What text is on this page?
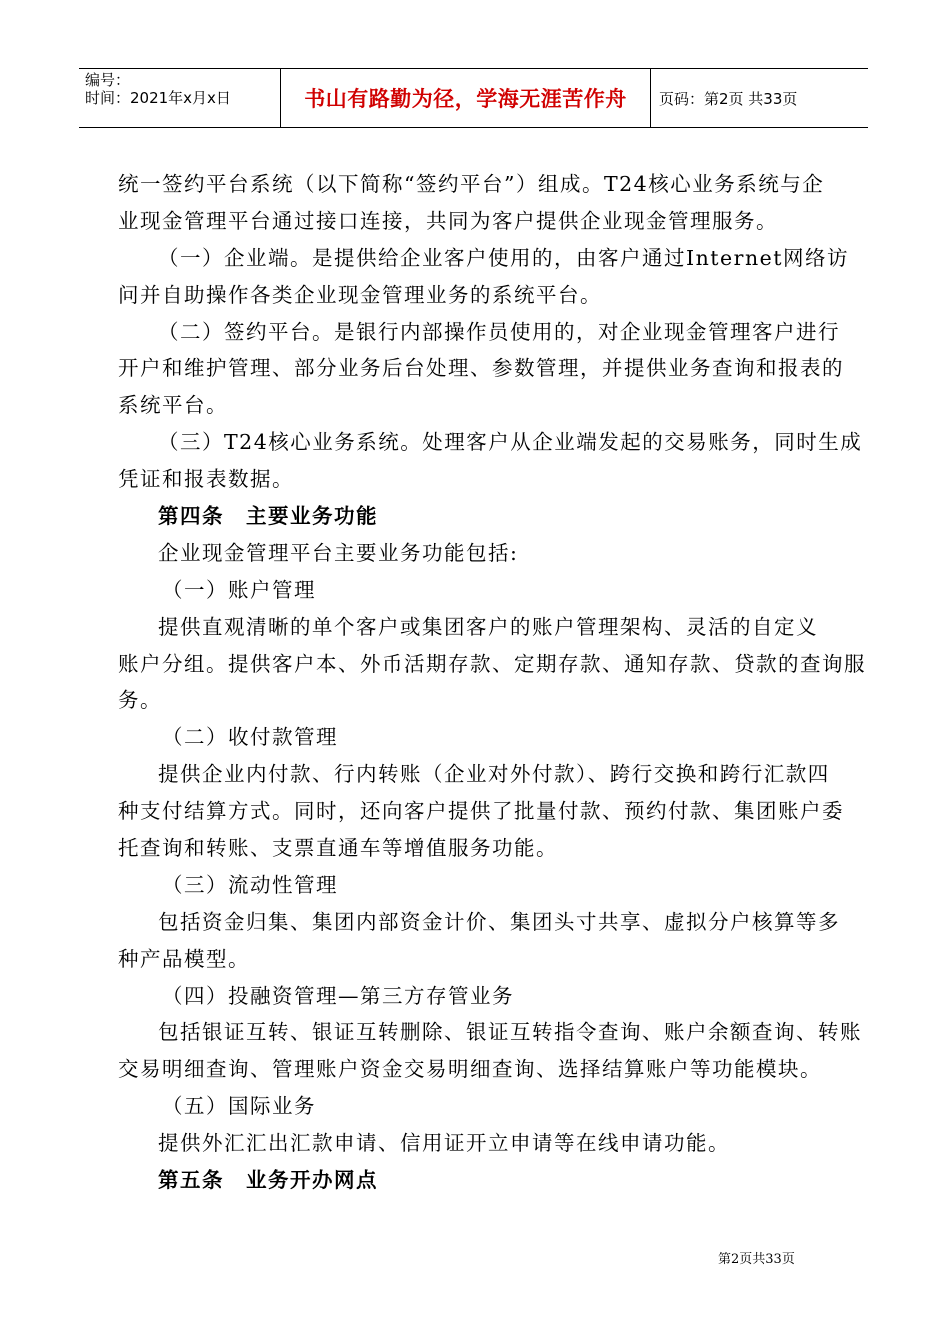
编号：
时间：2021年x月x日	书山有路勤为径，学海无涯苦作舟	页码：第2页 共33页
统一签约平台系统（以下简称“签约平台”）组成。T24核心业务系统与企
业现金管理平台通过接口连接，共同为客户提供企业现金管理服务。
（一）企业端。是提供给企业客户使用的，由客户通过Internet网络访
问并自助操作各类企业现金管理业务的系统平台。
（二）签约平台。是银行内部操作员使用的，对企业现金管理客户进行
开户和维护管理、部分业务后台处理、参数管理，并提供业务查询和报表的
系统平台。
（三）T24核心业务系统。处理客户从企业端发起的交易账务，同时生成
凭证和报表数据。
第四条　主要业务功能
企业现金管理平台主要业务功能包括:
（一）账户管理
提供直观清晰的单个客户或集团客户的账户管理架构、灵活的自定义
账户分组。提供客户本、外币活期存款、定期存款、通知存款、贷款的查询服
务。
（二）收付款管理
提供企业内付款、行内转账（企业对外付款）、跨行交换和跨行汇款四
种支付结算方式。同时，还向客户提供了批量付款、预约付款、集团账户委
托查询和转账、支票直通车等增值服务功能。
（三）流动性管理
包括资金归集、集团内部资金计价、集团头寸共享、虚拟分户核算等多
种产品模型。
（四）投融资管理—第三方存管业务
包括银证互转、银证互转删除、银证互转指令查询、账户余额查询、转账
交易明细查询、管理账户资金交易明细查询、选择结算账户等功能模块。
（五）国际业务
提供外汇汇出汇款申请、信用证开立申请等在线申请功能。
第五条　业务开办网点
第2页共33页
